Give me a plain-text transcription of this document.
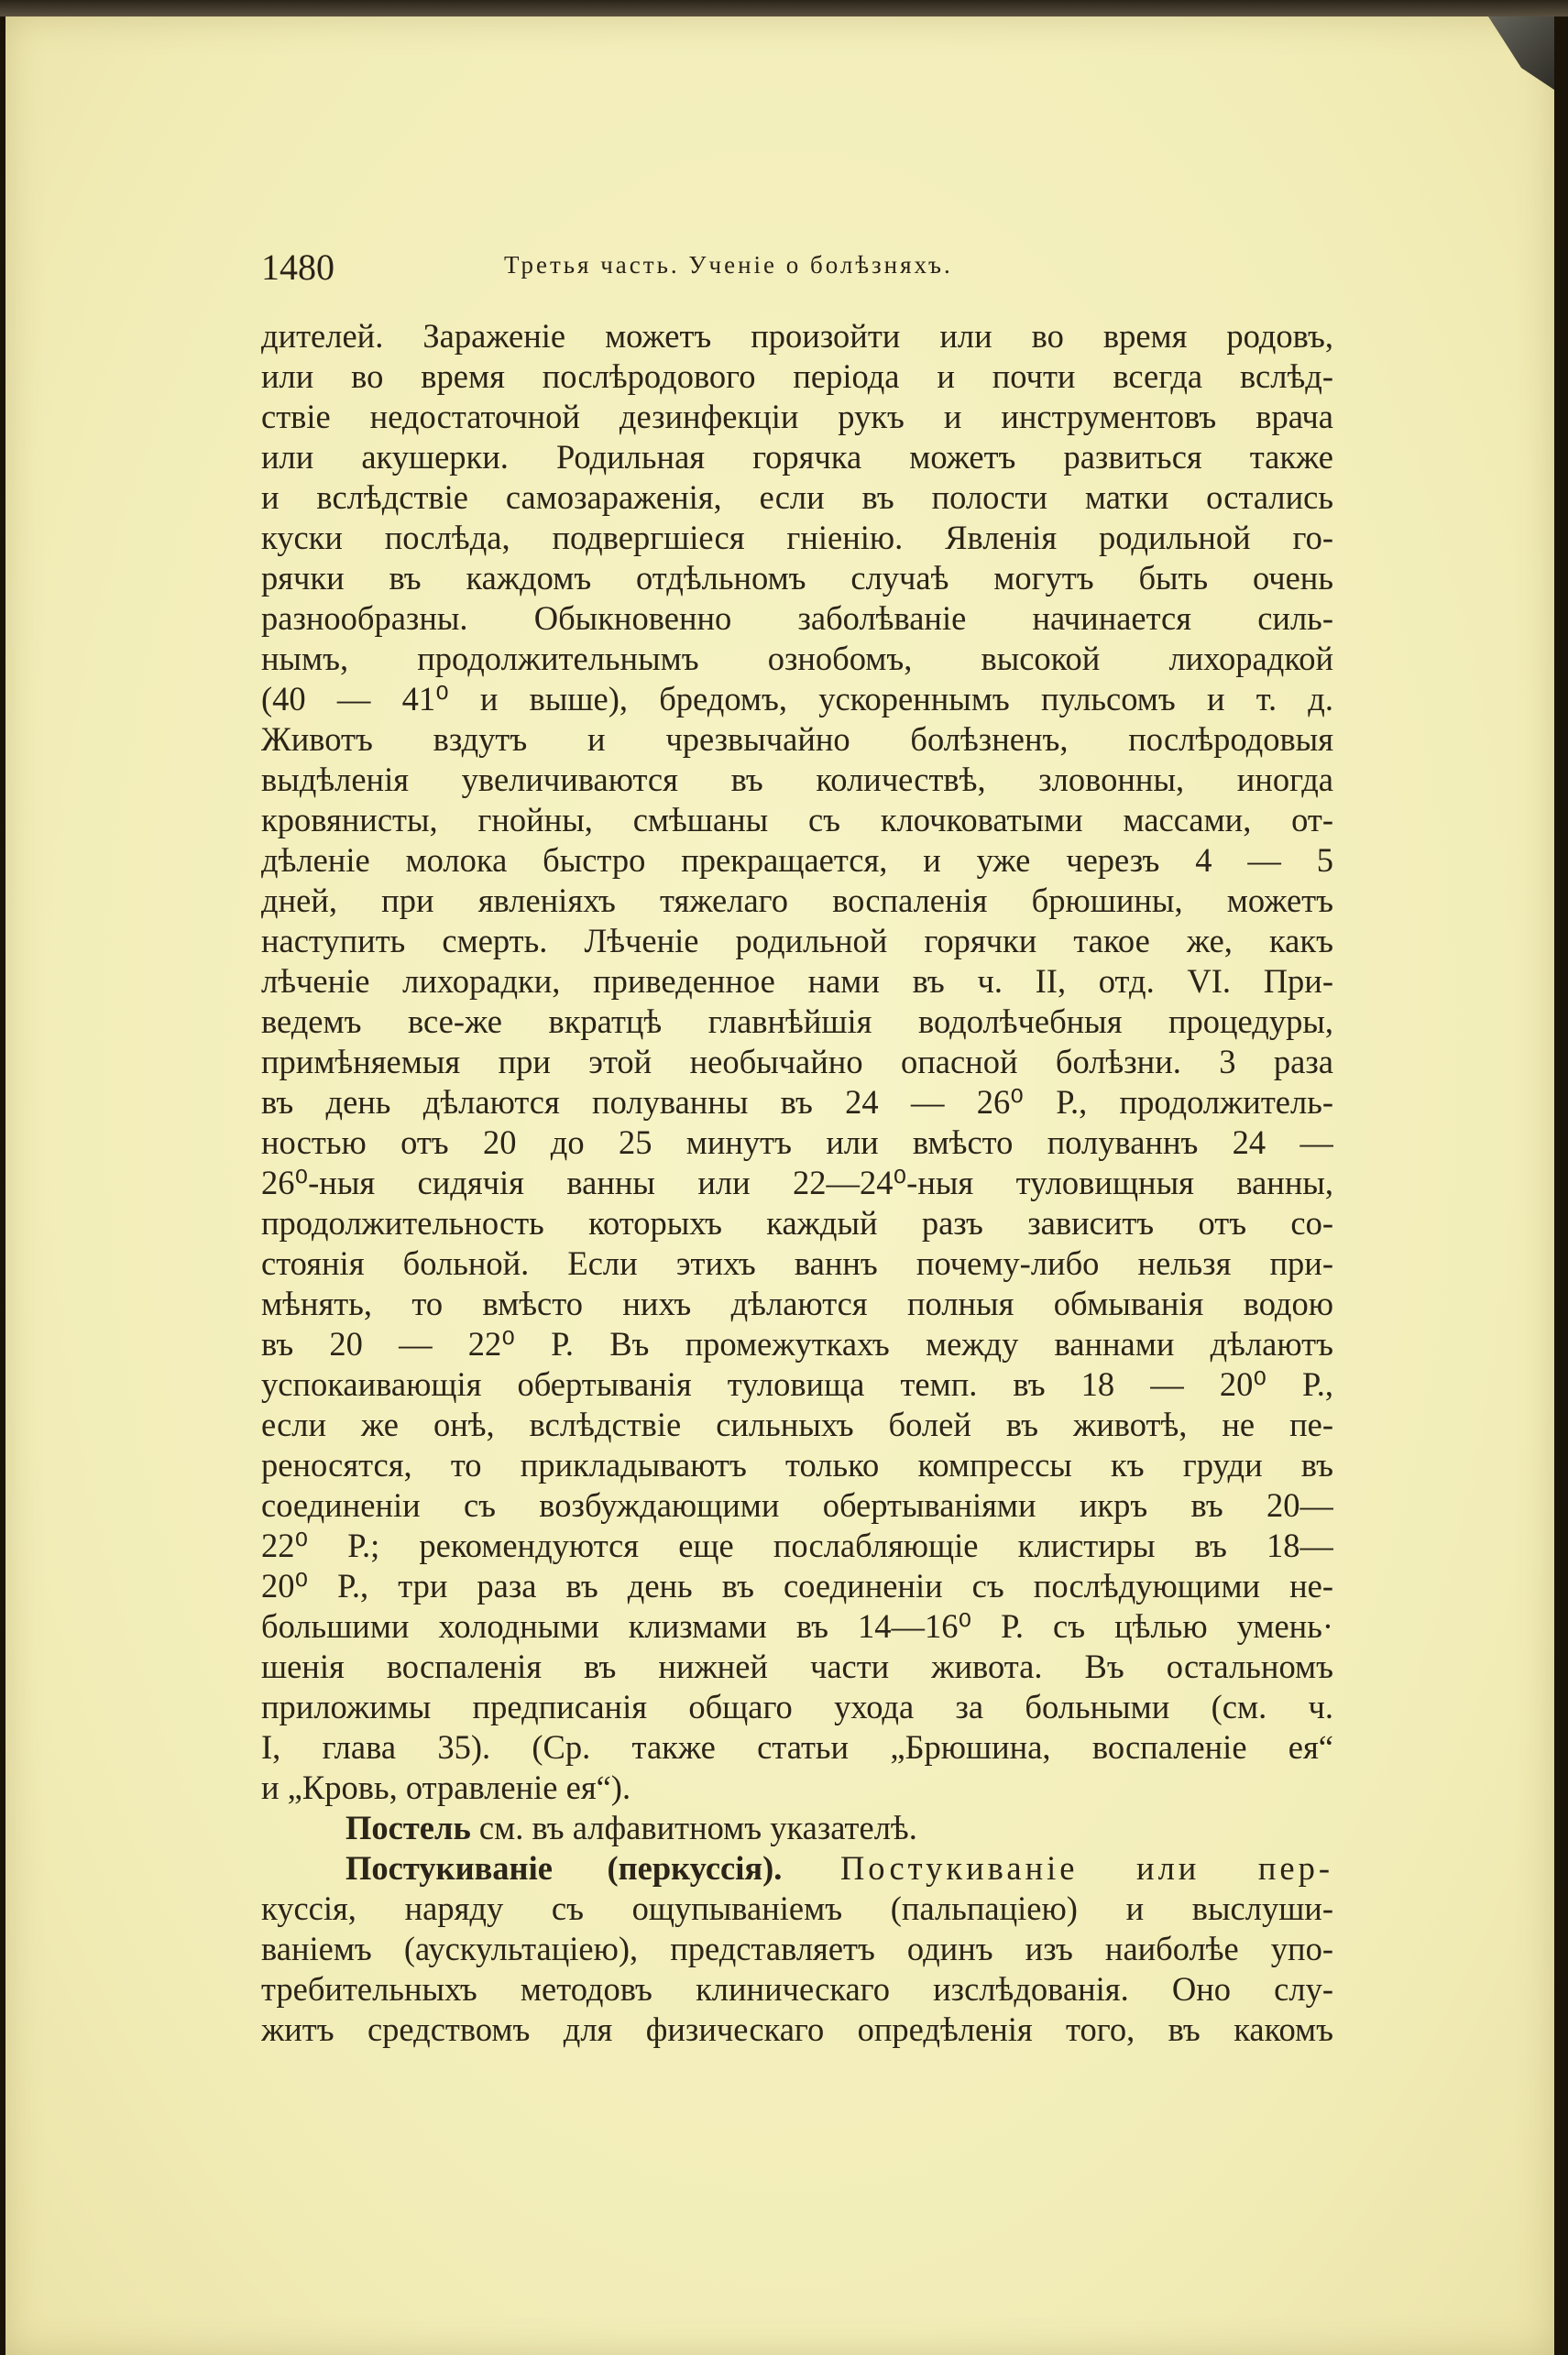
1480	Третья часть. Ученіе о болѣзняхъ.
дителей. Зараженіе можетъ произойти или во время родовъ,
или во время послѣродового періода и почти всегда вслѣд-
ствіе недостаточной дезинфекціи рукъ и инструментовъ врача
или акушерки. Родильная горячка можетъ развиться также
и вслѣдствіе самозараженія, если въ полости матки остались
куски послѣда, подвергшіеся гніенію. Явленія родильной го-
рячки въ каждомъ отдѣльномъ случаѣ могутъ быть очень
разнообразны. Обыкновенно заболѣваніе начинается силь-
нымъ, продолжительнымъ ознобомъ, высокой лихорадкой
(40 — 41⁰ и выше), бредомъ, ускореннымъ пульсомъ и т. д.
Животъ вздутъ и чрезвычайно болѣзненъ, послѣродовыя
выдѣленія увеличиваются въ количествѣ, зловонны, иногда
кровянисты, гнойны, смѣшаны съ клочковатыми массами, от-
дѣленіе молока быстро прекращается, и уже черезъ 4 — 5
дней, при явленіяхъ тяжелаго воспаленія брюшины, можетъ
наступить смерть. Лѣченіе родильной горячки такое же, какъ
лѣченіе лихорадки, приведенное нами въ ч. II, отд. VI. При-
ведемъ все-же вкратцѣ главнѣйшія водолѣчебныя процедуры,
примѣняемыя при этой необычайно опасной болѣзни. 3 раза
въ день дѣлаются полуванны въ 24 — 26⁰ Р., продолжитель-
ностью отъ 20 до 25 минутъ или вмѣсто полуваннъ 24 —
26⁰-ныя сидячія ванны или 22—24⁰-ныя туловищныя ванны,
продолжительность которыхъ каждый разъ зависитъ отъ со-
стоянія больной. Если этихъ ваннъ почему-либо нельзя при-
мѣнять, то вмѣсто нихъ дѣлаются полныя обмыванія водою
въ 20 — 22⁰ Р. Въ промежуткахъ между ваннами дѣлаютъ
успокаивающія обертыванія туловища темп. въ 18 — 20⁰ Р.,
если же онѣ, вслѣдствіе сильныхъ болей въ животѣ, не пе-
реносятся, то прикладываютъ только компрессы къ груди въ
соединеніи съ возбуждающими обертываніями икръ въ 20—
22⁰ Р.; рекомендуются еще послабляющіе клистиры въ 18—
20⁰ Р., три раза въ день въ соединеніи съ послѣдующими не-
большими холодными клизмами въ 14—16⁰ Р. съ цѣлью умень·
шенія воспаленія въ нижней части живота. Въ остальномъ
приложимы предписанія общаго ухода за больными (см. ч.
I, глава 35). (Ср. также статьи „Брюшина, воспаленіе ея“
и „Кровь, отравленіе ея“).
Постель см. въ алфавитномъ указателѣ.
Постукиваніе (перкуссія). Постукиваніе или пер-
куссія, наряду съ ощупываніемъ (пальпаціею) и выслуши-
ваніемъ (аускультаціею), представляетъ одинъ изъ наиболѣе упо-
требительныхъ методовъ клиническаго изслѣдованія. Оно слу-
житъ средствомъ для физическаго опредѣленія того, въ какомъ
